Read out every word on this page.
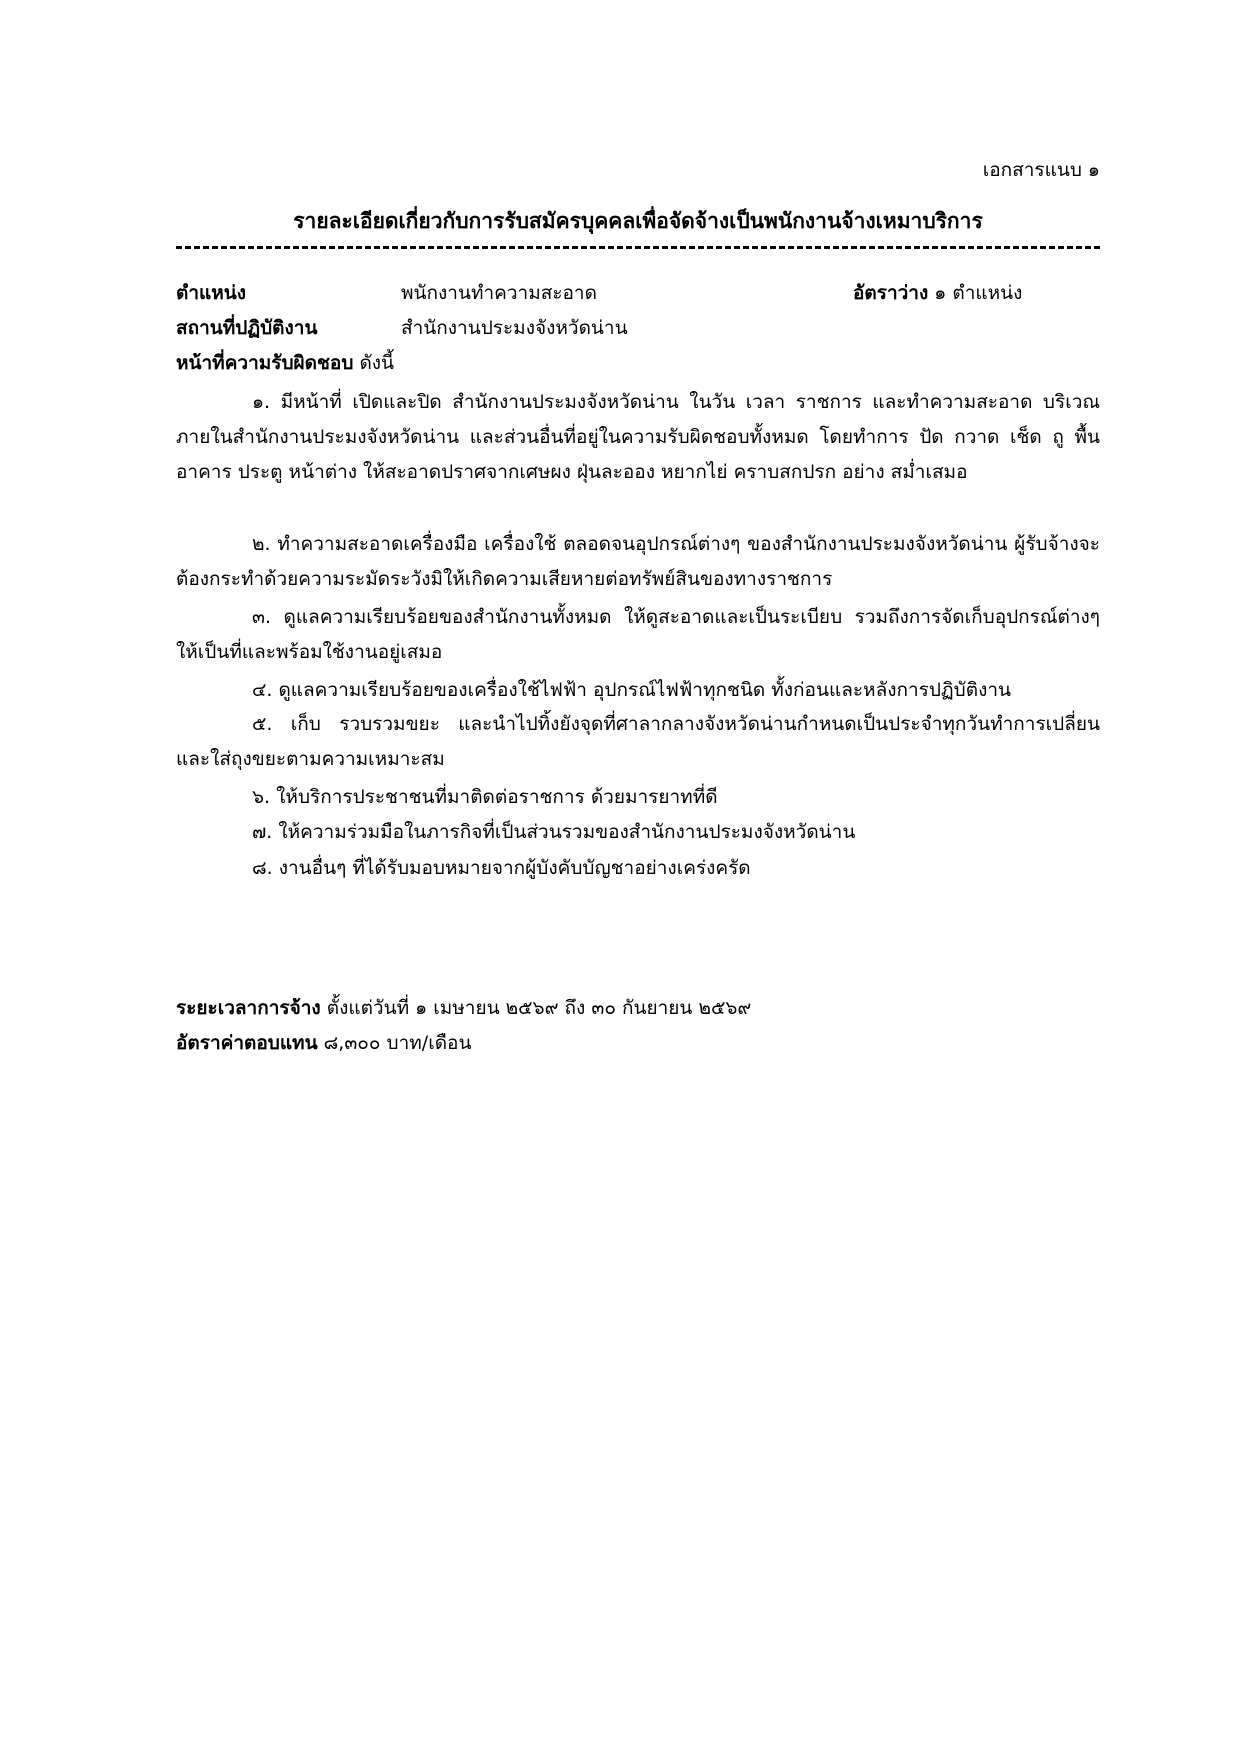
เอกสารแนบ ๑
รายละเอียดเกี่ยวกับการรับสมัครบุคคลเพื่อจัดจ้างเป็นพนักงานจ้างเหมาบริการ
ตำแหน่ง	พนักงานทำความสะอาด	อัตราว่าง ๑ ตำแหน่ง
สถานที่ปฏิบัติงาน	สำนักงานประมงจังหวัดน่าน
หน้าที่ความรับผิดชอบ ดังนี้
๑. มีหน้าที่ เปิดและปิด สำนักงานประมงจังหวัดน่าน ในวัน เวลา ราชการ และทำความสะอาด บริเวณภายในสำนักงานประมงจังหวัดน่าน และส่วนอื่นที่อยู่ในความรับผิดชอบทั้งหมด โดยทำการ ปัด กวาด เช็ด ถู พื้นอาคาร ประตู หน้าต่าง ให้สะอาดปราศจากเศษผง ฝุ่นละออง หยากไย่ คราบสกปรก อย่าง สม่ำเสมอ
๒. ทำความสะอาดเครื่องมือ เครื่องใช้ ตลอดจนอุปกรณ์ต่างๆ ของสำนักงานประมงจังหวัดน่าน ผู้รับจ้างจะต้องกระทำด้วยความระมัดระวังมิให้เกิดความเสียหายต่อทรัพย์สินของทางราชการ
๓. ดูแลความเรียบร้อยของสำนักงานทั้งหมด ให้ดูสะอาดและเป็นระเบียบ รวมถึงการจัดเก็บอุปกรณ์ต่างๆ ให้เป็นที่และพร้อมใช้งานอยู่เสมอ
๔. ดูแลความเรียบร้อยของเครื่องใช้ไฟฟ้า อุปกรณ์ไฟฟ้าทุกชนิด ทั้งก่อนและหลังการปฏิบัติงาน
๕. เก็บ รวบรวมขยะ และนำไปทิ้งยังจุดที่ศาลากลางจังหวัดน่านกำหนดเป็นประจำทุกวันทำการเปลี่ยน และใส่ถุงขยะตามความเหมาะสม
๖. ให้บริการประชาชนที่มาติดต่อราชการ ด้วยมารยาทที่ดี
๗. ให้ความร่วมมือในภารกิจที่เป็นส่วนรวมของสำนักงานประมงจังหวัดน่าน
๘. งานอื่นๆ ที่ได้รับมอบหมายจากผู้บังคับบัญชาอย่างเคร่งครัด
ระยะเวลาการจ้าง ตั้งแต่วันที่ ๑ เมษายน ๒๕๖๙ ถึง ๓๐ กันยายน ๒๕๖๙
อัตราค่าตอบแทน ๘,๓๐๐ บาท/เดือน
